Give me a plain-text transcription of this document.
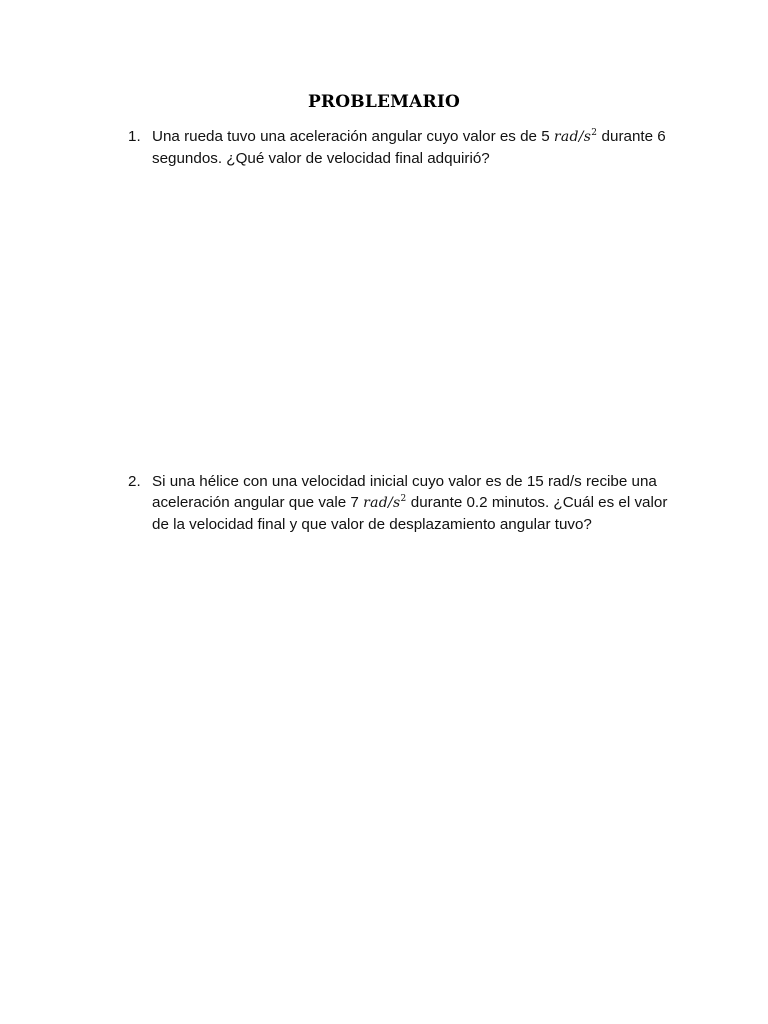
PROBLEMARIO
1. Una rueda tuvo una aceleración angular cuyo valor es de 5 rad/$s^2$ durante 6 segundos. ¿Qué valor de velocidad final adquirió?
2. Si una hélice con una velocidad inicial cuyo valor es de 15 rad/s recibe una aceleración angular que vale 7 rad/$s^2$ durante 0.2 minutos. ¿Cuál es el valor de la velocidad final y que valor de desplazamiento angular tuvo?
